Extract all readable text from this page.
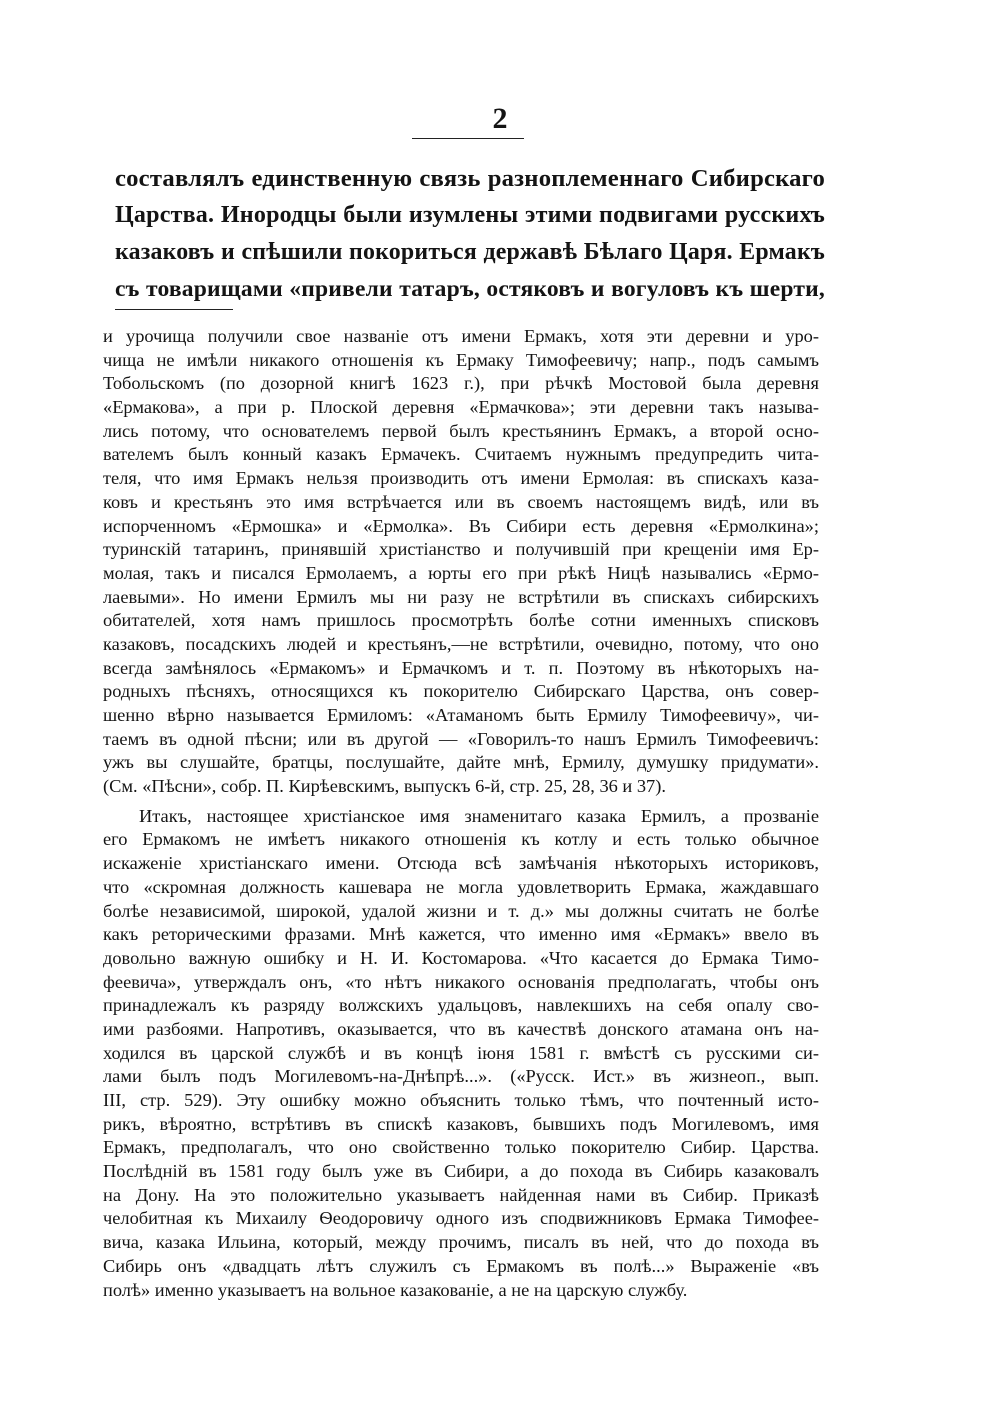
2
составлялъ единственную связь разноплеменнаго Сибирскаго
Царства. Инородцы были изумлены этими подвигами русскихъ
казаковъ и спѣшили покориться державѣ Бѣлаго Царя. Ермакъ
съ товарищами «привели татаръ, остяковъ и вогуловъ къ шерти,
и урочища получили свое названіе отъ имени Ермакъ, хотя эти деревни и уро-
чища не имѣли никакого отношенія къ Ермаку Тимофеевичу; напр., подъ самымъ
Тобольскомъ (по дозорной книгѣ 1623 г.), при рѣчкѣ Мостовой была деревня
«Ермакова», а при р. Плоской деревня «Ермачкова»; эти деревни такъ называ-
лись потому, что основателемъ первой былъ крестьянинъ Ермакъ, а второй осно-
вателемъ былъ конный казакъ Ермачекъ. Считаемъ нужнымъ предупредить чита-
теля, что имя Ермакъ нельзя производить отъ имени Ермолая: въ спискахъ каза-
ковъ и крестьянъ это имя встрѣчается или въ своемъ настоящемъ видѣ, или въ
испорченномъ «Ермошка» и «Ермолка». Въ Сибири есть деревня «Ермолкина»;
туринскій татаринъ, принявшій христіанство и получившій при крещеніи имя Ер-
молая, такъ и писался Ермолаемъ, а юрты его при рѣкѣ Ницѣ назывались «Ермо-
лаевыми». Но имени Ермилъ мы ни разу не встрѣтили въ спискахъ сибирскихъ
обитателей, хотя намъ пришлось просмотрѣть болѣе сотни именныхъ списковъ
казаковъ, посадскихъ людей и крестьянъ,—не встрѣтили, очевидно, потому, что оно
всегда замѣнялось «Ермакомъ» и Ермачкомъ и т. п. Поэтому въ нѣкоторыхъ на-
родныхъ пѣсняхъ, относящихся къ покорителю Сибирскаго Царства, онъ совер-
шенно вѣрно называется Ермиломъ: «Атаманомъ быть Ермилу Тимофеевичу», чи-
таемъ въ одной пѣсни; или въ другой — «Говорилъ-то нашъ Ермилъ Тимофеевичъ:
ужъ вы слушайте, братцы, послушайте, дайте мнѣ, Ермилу, думушку придумати».
(См. «Пѣсни», собр. П. Кирѣевскимъ, выпускъ 6-й, стр. 25, 28, 36 и 37).
Итакъ, настоящее христіанское имя знаменитаго казака Ермилъ, а прозваніе
его Ермакомъ не имѣетъ никакого отношенія къ котлу и есть только обычное
искаженіе христіанскаго имени. Отсюда всѣ замѣчанія нѣкоторыхъ историковъ,
что «скромная должность кашевара не могла удовлетворить Ермака, жаждавшаго
болѣе независимой, широкой, удалой жизни и т. д.» мы должны считать не болѣе
какъ реторическими фразами. Мнѣ кажется, что именно имя «Ермакъ» ввело въ
довольно важную ошибку и Н. И. Костомарова. «Что касается до Ермака Тимо-
феевича», утверждалъ онъ, «то нѣтъ никакого основанія предполагать, чтобы онъ
принадлежалъ къ разряду волжскихъ удальцовъ, навлекшихъ на себя опалу сво-
ими разбоями. Напротивъ, оказывается, что въ качествѣ донского атамана онъ на-
ходился въ царской службѣ и въ концѣ іюня 1581 г. вмѣстѣ съ русскими си-
лами былъ подъ Могилевомъ-на-Днѣпрѣ...». («Русск. Ист.» въ жизнеоп., вып.
III, стр. 529). Эту ошибку можно объяснить только тѣмъ, что почтенный исто-
рикъ, вѣроятно, встрѣтивъ въ спискѣ казаковъ, бывшихъ подъ Могилевомъ, имя
Ермакъ, предполагалъ, что оно свойственно только покорителю Сибир. Царства.
Послѣдній въ 1581 году былъ уже въ Сибири, а до похода въ Сибирь казаковалъ
на Дону. На это положительно указываетъ найденная нами въ Сибир. Приказѣ
челобитная къ Михаилу Ѳеодоровичу одного изъ сподвижниковъ Ермака Тимофее-
вича, казака Ильина, который, между прочимъ, писалъ въ ней, что до похода въ
Сибирь онъ «двадцать лѣтъ служилъ съ Ермакомъ въ полѣ...» Выраженіе «въ
полѣ» именно указываетъ на вольное казакованіе, а не на царскую службу.
